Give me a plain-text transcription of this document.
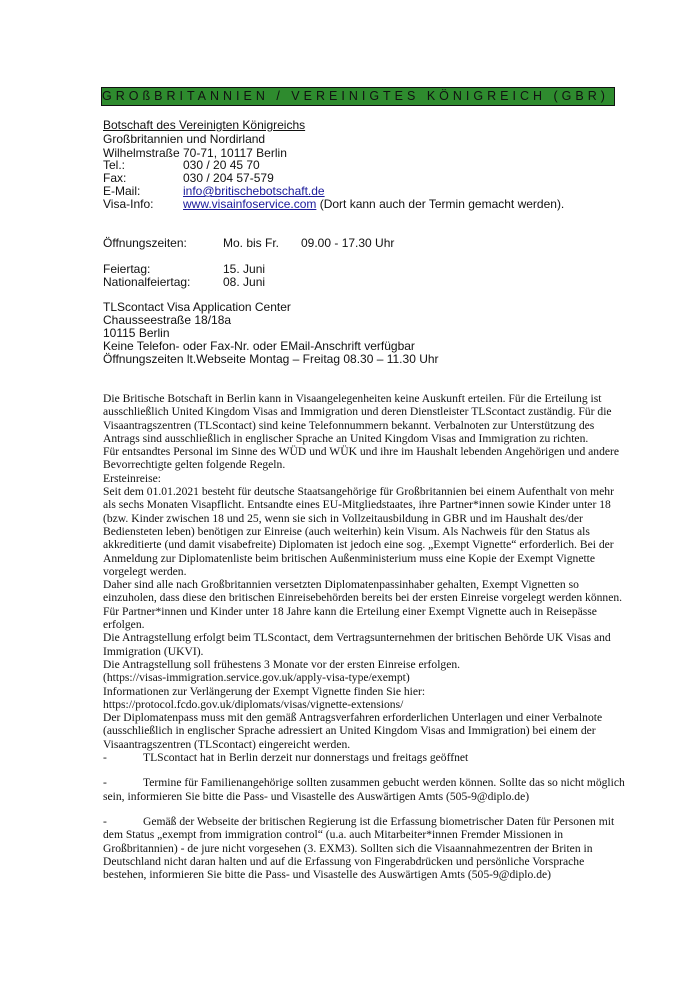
GROßBRITANNIEN / VEREINIGTES KÖNIGREICH (GBR)
Botschaft des Vereinigten Königreichs
Großbritannien und Nordirland
Wilhelmstraße 70-71, 10117 Berlin
Tel.:	030 / 20 45 70
Fax:	030 / 204 57-579
E-Mail:	info@britischebotschaft.de
Visa-Info: www.visainfoservice.com (Dort kann auch der Termin gemacht werden).
Öffnungszeiten:	Mo. bis Fr. 09.00 - 17.30 Uhr
Feiertag:	15. Juni
Nationalfeiertag:	08. Juni
TLScontact Visa Application Center
Chausseestraße 18/18a
10115 Berlin
Keine Telefon- oder Fax-Nr. oder EMail-Anschrift verfügbar
Öffnungszeiten lt.Webseite Montag – Freitag 08.30 – 11.30 Uhr

Die Britische Botschaft in Berlin kann in Visaangelegenheiten keine Auskunft erteilen. Für die Erteilung ist ausschließlich United Kingdom Visas and Immigration und deren Dienstleister TLScontact zuständig. Für die Visaantragszentren (TLScontact) sind keine Telefonnummern bekannt. Verbalnoten zur Unterstützung des Antrags sind ausschließlich in englischer Sprache an United Kingdom Visas and Immigration zu richten.

Für entsandtes Personal im Sinne des WÜD und WÜK und ihre im Haushalt lebenden Angehörigen und andere Bevorrechtigte gelten folgende Regeln.

Ersteinreise:

Seit dem 01.01.2021 besteht für deutsche Staatsangehörige für Großbritannien bei einem Aufenthalt von mehr als sechs Monaten Visapflicht. Entsandte eines EU-Mitgliedstaates, ihre Partner*innen sowie Kinder unter 18 (bzw. Kinder zwischen 18 und 25, wenn sie sich in Vollzeitausbildung in GBR und im Haushalt des/der Bediensteten leben) benötigen zur Einreise (auch weiterhin) kein Visum. Als Nachweis für den Status als akkreditierte (und damit visabefreite) Diplomaten ist jedoch eine sog. „Exempt Vignette“ erforderlich. Bei der Anmeldung zur Diplomatenliste beim britischen Außenministerium muss eine Kopie der Exempt Vignette vorgelegt werden.

Daher sind alle nach Großbritannien versetzten Diplomatenpassinhaber gehalten, Exempt Vignetten so einzuholen, dass diese den britischen Einreisebehörden bereits bei der ersten Einreise vorgelegt werden können. Für Partner*innen und Kinder unter 18 Jahre kann die Erteilung einer Exempt Vignette auch in Reisepässe erfolgen.

Die Antragstellung erfolgt beim TLScontact, dem Vertragsunternehmen der britischen Behörde UK Visas and Immigration (UKVI).

Die Antragstellung soll frühestens 3 Monate vor der ersten Einreise erfolgen.

(https://visas-immigration.service.gov.uk/apply-visa-type/exempt)

Informationen zur Verlängerung der Exempt Vignette finden Sie hier:

https://protocol.fcdo.gov.uk/diplomats/visas/vignette-extensions/

Der Diplomatenpass muss mit den gemäß Antragsverfahren erforderlichen Unterlagen und einer Verbalnote (ausschließlich in englischer Sprache adressiert an United Kingdom Visas and Immigration) bei einem der Visaantragszentren (TLScontact) eingereicht werden.

-	TLScontact hat in Berlin derzeit nur donnerstags und freitags geöffnet
-	Termine für Familienangehörige sollten zusammen gebucht werden können. Sollte das so nicht möglich sein, informieren Sie bitte die Pass- und Visastelle des Auswärtigen Amts (505-9@diplo.de)
-	Gemäß der Webseite der britischen Regierung ist die Erfassung biometrischer Daten für Personen mit dem Status „exempt from immigration control“ (u.a. auch Mitarbeiter*innen Fremder Missionen in Großbritannien) - de jure nicht vorgesehen (3. EXM3). Sollten sich die Visaannahmezentren der Briten in Deutschland nicht daran halten und auf die Erfassung von Fingerabdrücken und persönliche Vorsprache bestehen, informieren Sie bitte die Pass- und Visastelle des Auswärtigen Amts (505-9@diplo.de)
